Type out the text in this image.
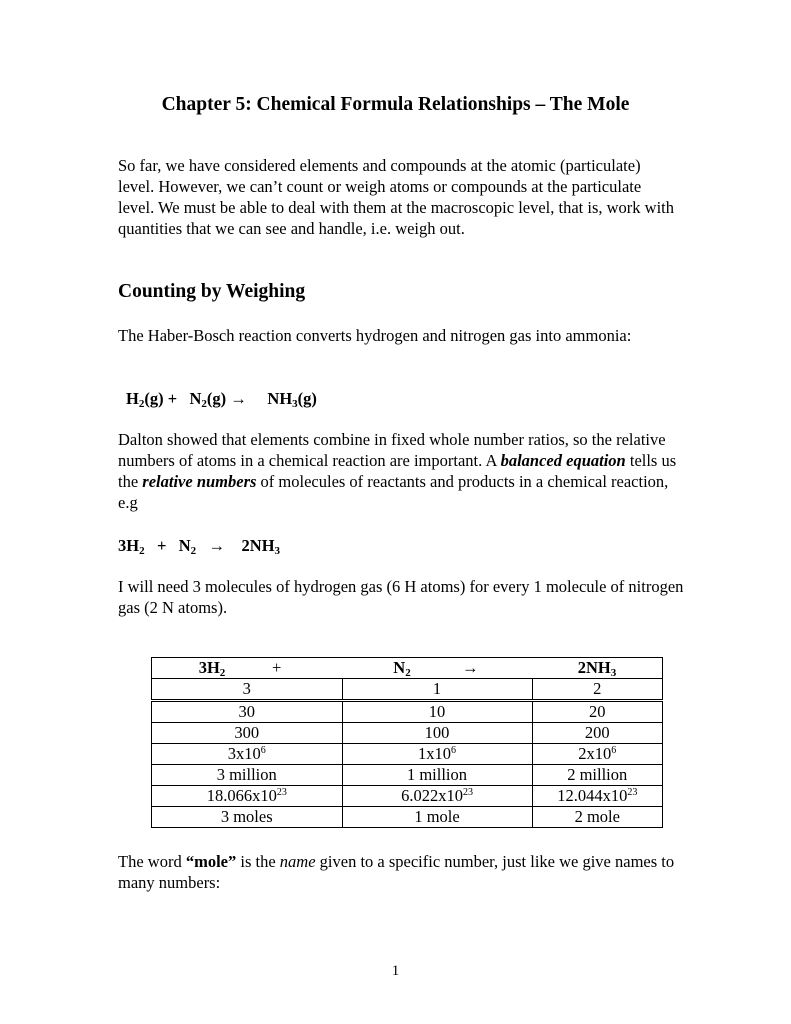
Chapter 5: Chemical Formula Relationships – The Mole
So far, we have considered elements and compounds at the atomic (particulate) level. However, we can’t count or weigh atoms or compounds at the particulate level. We must be able to deal with them at the macroscopic level, that is, work with quantities that we can see and handle, i.e. weigh out.
Counting by Weighing
The Haber-Bosch reaction converts hydrogen and nitrogen gas into ammonia:
$H_2(g) + N_2(g)$ →     $NH_3(g)$
Dalton showed that elements combine in fixed whole number ratios, so the relative numbers of atoms in a chemical reaction are important. A balanced equation tells us the relative numbers of molecules of reactants and products in a chemical reaction, e.g
$3H_2 + N_2$   →    $2NH_3$
I will need 3 molecules of hydrogen gas (6 H atoms) for every 1 molecule of nitrogen gas (2 N atoms).
$3H_2$ +	$N_2$ →	$2NH_3$
3	1	2
30	10	20
300	100	200
$3x10^6$	$1x10^6$	$2x10^6$
3 million	1 million	2 million
$18.066x10^{23}$	$6.022x10^{23}$	$12.044x10^{23}$
3 moles	1 mole	2 mole
The word “mole” is the name given to a specific number, just like we give names to many numbers:
1
